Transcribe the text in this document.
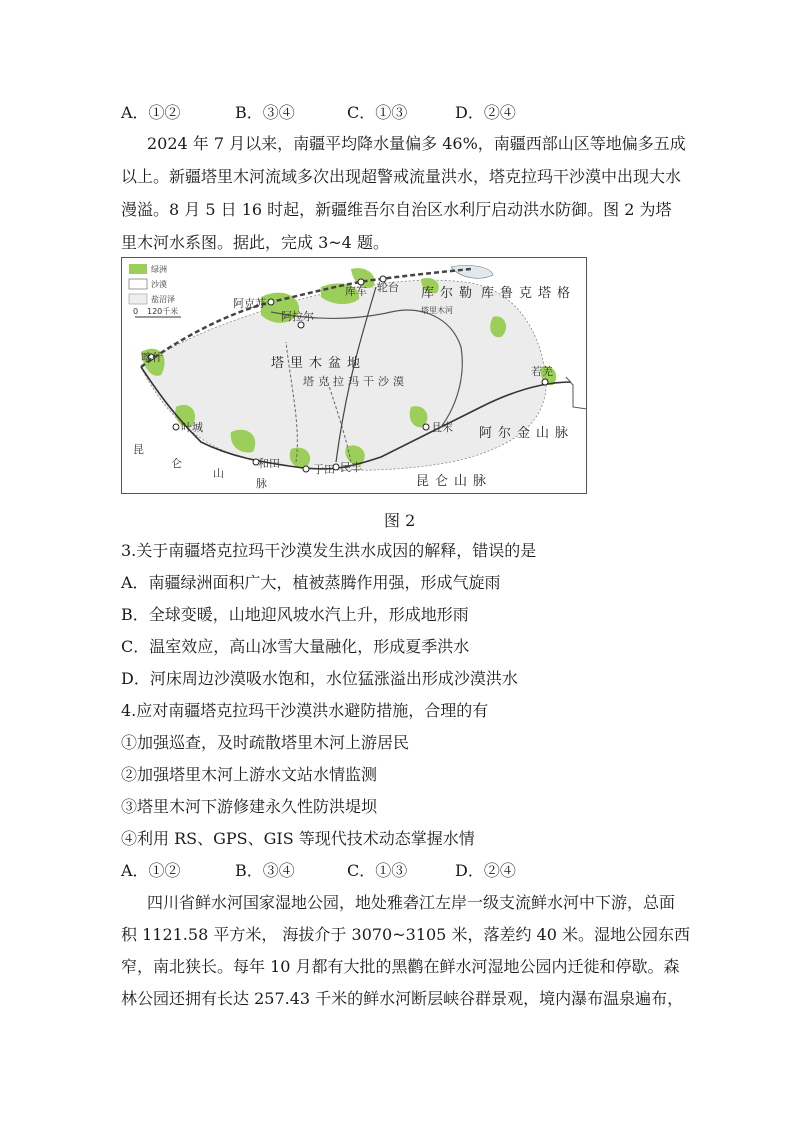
A．①②	B．③④	C．①③	D．②④
2024 年 7 月以来，南疆平均降水量偏多 46%，南疆西部山区等地偏多五成
以上。新疆塔里木河流域多次出现超警戒流量洪水，塔克拉玛干沙漠中出现大水
漫溢。8 月 5 日 16 时起，新疆维吾尔自治区水利厅启动洪水防御。图 2 为塔
里木河水系图。据此，完成 3~4 题。
绿洲
沙漠
盐沼泽
0 120千米
阿克苏
阿拉尔
库车 轮台
喀什
叶城
和田	于田 民丰
且末
若羌
库尔勒 库鲁克塔格
塔里木河
塔里木盆地
塔克拉玛干沙漠
阿尔金山脉
昆仑山脉
昆
仑
山
脉
图 2
3.关于南疆塔克拉玛干沙漠发生洪水成因的解释，错误的是
A．南疆绿洲面积广大，植被蒸腾作用强，形成气旋雨
B．全球变暖，山地迎风坡水汽上升，形成地形雨
C．温室效应，高山冰雪大量融化，形成夏季洪水
D．河床周边沙漠吸水饱和，水位猛涨溢出形成沙漠洪水
4.应对南疆塔克拉玛干沙漠洪水避防措施，合理的有
①加强巡查，及时疏散塔里木河上游居民
②加强塔里木河上游水文站水情监测
③塔里木河下游修建永久性防洪堤坝
④利用 RS、GPS、GIS 等现代技术动态掌握水情
A．①②	B．③④	C．①③	D．②④
四川省鲜水河国家湿地公园，地处雅砻江左岸一级支流鲜水河中下游，总面
积 1121.58 平方米， 海拔介于 3070~3105 米，落差约 40 米。湿地公园东西
窄，南北狭长。每年 10 月都有大批的黑鹳在鲜水河湿地公园内迁徙和停歇。森
林公园还拥有长达 257.43 千米的鲜水河断层峡谷群景观，境内瀑布温泉遍布，
